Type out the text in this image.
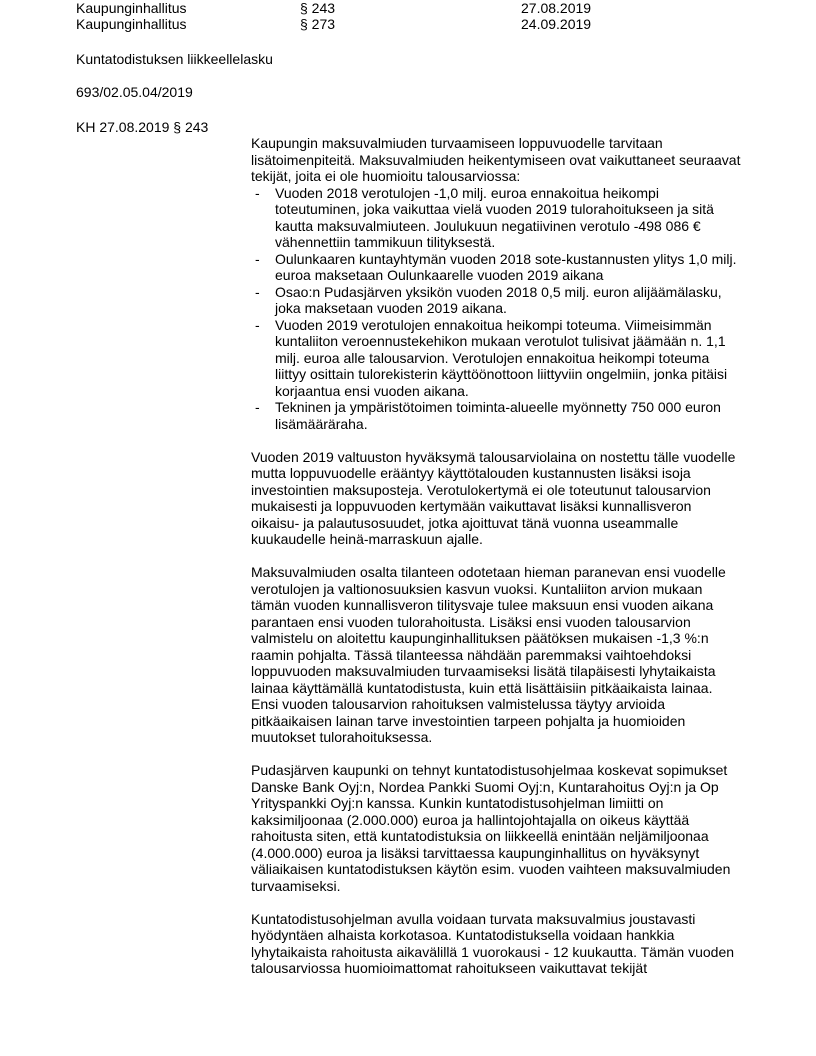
Kaupunginhallitus	§ 243	27.08.2019
Kaupunginhallitus	§ 273	24.09.2019
Kuntatodistuksen liikkeellelasku
693/02.05.04/2019
KH 27.08.2019 § 243

Kaupungin maksuvalmiuden turvaamiseen loppuvuodelle tarvitaan lisätoimenpiteitä. Maksuvalmiuden heikentymiseen ovat vaikuttaneet seuraavat tekijät, joita ei ole huomioitu talousarviossa:

- Vuoden 2018 verotulojen -1,0 milj. euroa ennakoitua heikompi toteutuminen, joka vaikuttaa vielä vuoden 2019 tulorahoitukseen ja sitä kautta maksuvalmiuteen. Joulukuun negatiivinen verotulo -498 086 € vähennettiin tammikuun tilityksestä.
- Oulunkaaren kuntayhtymän vuoden 2018 sote-kustannusten ylitys 1,0 milj. euroa maksetaan Oulunkaarelle vuoden 2019 aikana
- Osao:n Pudasjärven yksikön vuoden 2018 0,5 milj. euron alijäämälasku, joka maksetaan vuoden 2019 aikana.
- Vuoden 2019 verotulojen ennakoitua heikompi toteuma. Viimeisimmän kuntaliiton veroennustekehikon mukaan verotulot tulisivat jäämään n. 1,1 milj. euroa alle talousarvion. Verotulojen ennakoitua heikompi toteuma liittyy osittain tulorekisterin käyttöönottoon liittyviin ongelmiin, jonka pitäisi korjaantua ensi vuoden aikana.
- Tekninen ja ympäristötoimen toiminta-alueelle myönnetty 750 000 euron lisämääräraha.

Vuoden 2019 valtuuston hyväksymä talousarviolaina on nostettu tälle vuodelle mutta loppuvuodelle erääntyy käyttötalouden kustannusten lisäksi isoja investointien maksuposteja. Verotulokertymä ei ole toteutunut talousarvion mukaisesti ja loppuvuoden kertymään vaikuttavat lisäksi kunnallisveron oikaisu- ja palautusosuudet, jotka ajoittuvat tänä vuonna useammalle kuukaudelle heinä-marraskuun ajalle.

Maksuvalmiuden osalta tilanteen odotetaan hieman paranevan ensi vuodelle verotulojen ja valtionosuuksien kasvun vuoksi. Kuntaliiton arvion mukaan tämän vuoden kunnallisveron tilitysvaje tulee maksuun ensi vuoden aikana parantaen ensi vuoden tulorahoitusta. Lisäksi ensi vuoden talousarvion valmistelu on aloitettu kaupunginhallituksen päätöksen mukaisen -1,3 %:n raamin pohjalta. Tässä tilanteessa nähdään paremmaksi vaihtoehdoksi loppuvuoden maksuvalmiuden turvaamiseksi lisätä tilapäisesti lyhytaikaista lainaa käyttämällä kuntatodistusta, kuin että lisättäisiin pitkäaikaista lainaa. Ensi vuoden talousarvion rahoituksen valmistelussa täytyy arvioida pitkäaikaisen lainan tarve investointien tarpeen pohjalta ja huomioiden muutokset tulorahoituksessa.

Pudasjärven kaupunki on tehnyt kuntatodistusohjelmaa koskevat sopimukset Danske Bank Oyj:n, Nordea Pankki Suomi Oyj:n, Kuntarahoitus Oyj:n ja Op Yrityspankki Oyj:n kanssa. Kunkin kuntatodistusohjelman limiitti on kaksimiljoonaa (2.000.000) euroa ja hallintojohtajalla on oikeus käyttää rahoitusta siten, että kuntatodistuksia on liikkeellä enintään neljämiljoonaa (4.000.000) euroa ja lisäksi tarvittaessa kaupunginhallitus on hyväksynyt väliaikaisen kuntatodistuksen käytön esim. vuoden vaihteen maksuvalmiuden turvaamiseksi.

Kuntatodistusohjelman avulla voidaan turvata maksuvalmius joustavasti hyödyntäen alhaista korkotasoa. Kuntatodistuksella voidaan hankkia lyhytaikaista rahoitusta aikavälillä 1 vuorokausi - 12 kuukautta. Tämän vuoden talousarviossa huomioimattomat rahoitukseen vaikuttavat tekijät
